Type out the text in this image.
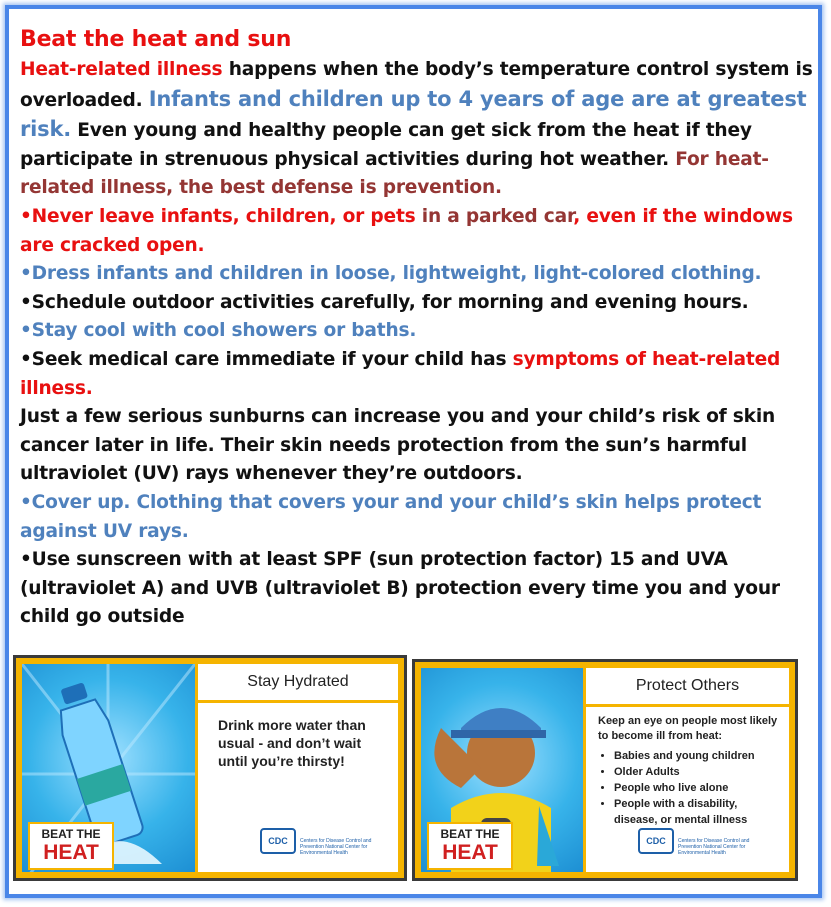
Beat the heat and sun

Heat-related illness happens when the body’s temperature control system is overloaded. Infants and children up to 4 years of age are at greatest risk. Even young and healthy people can get sick from the heat if they participate in strenuous physical activities during hot weather. For heat-related illness, the best defense is prevention.

•Never leave infants, children, or pets in a parked car, even if the windows are cracked open.

•Dress infants and children in loose, lightweight, light-colored clothing.

•Schedule outdoor activities carefully, for morning and evening hours.

•Stay cool with cool showers or baths.

•Seek medical care immediate if your child has symptoms of heat-related illness.

Just a few serious sunburns can increase you and your child’s risk of skin cancer later in life. Their skin needs protection from the sun’s harmful ultraviolet (UV) rays whenever they’re outdoors.

•Cover up. Clothing that covers your and your child’s skin helps protect against UV rays.

•Use sunscreen with at least SPF (sun protection factor) 15 and UVA (ultraviolet A) and UVB (ultraviolet B) protection every time you and your child go outside

Stay Hydrated
Drink more water than usual - and don’t wait until you’re thirsty!
CDC	Centers for Disease Control and Prevention National Center for Environmental Health
BEAT THE
HEAT
Protect Others
Keep an eye on people most likely to become ill from heat:
• Babies and young children
• Older Adults
• People who live alone
• People with a disability, disease, or mental illness
CDC	Centers for Disease Control and Prevention National Center for Environmental Health
BEAT THE
HEAT
